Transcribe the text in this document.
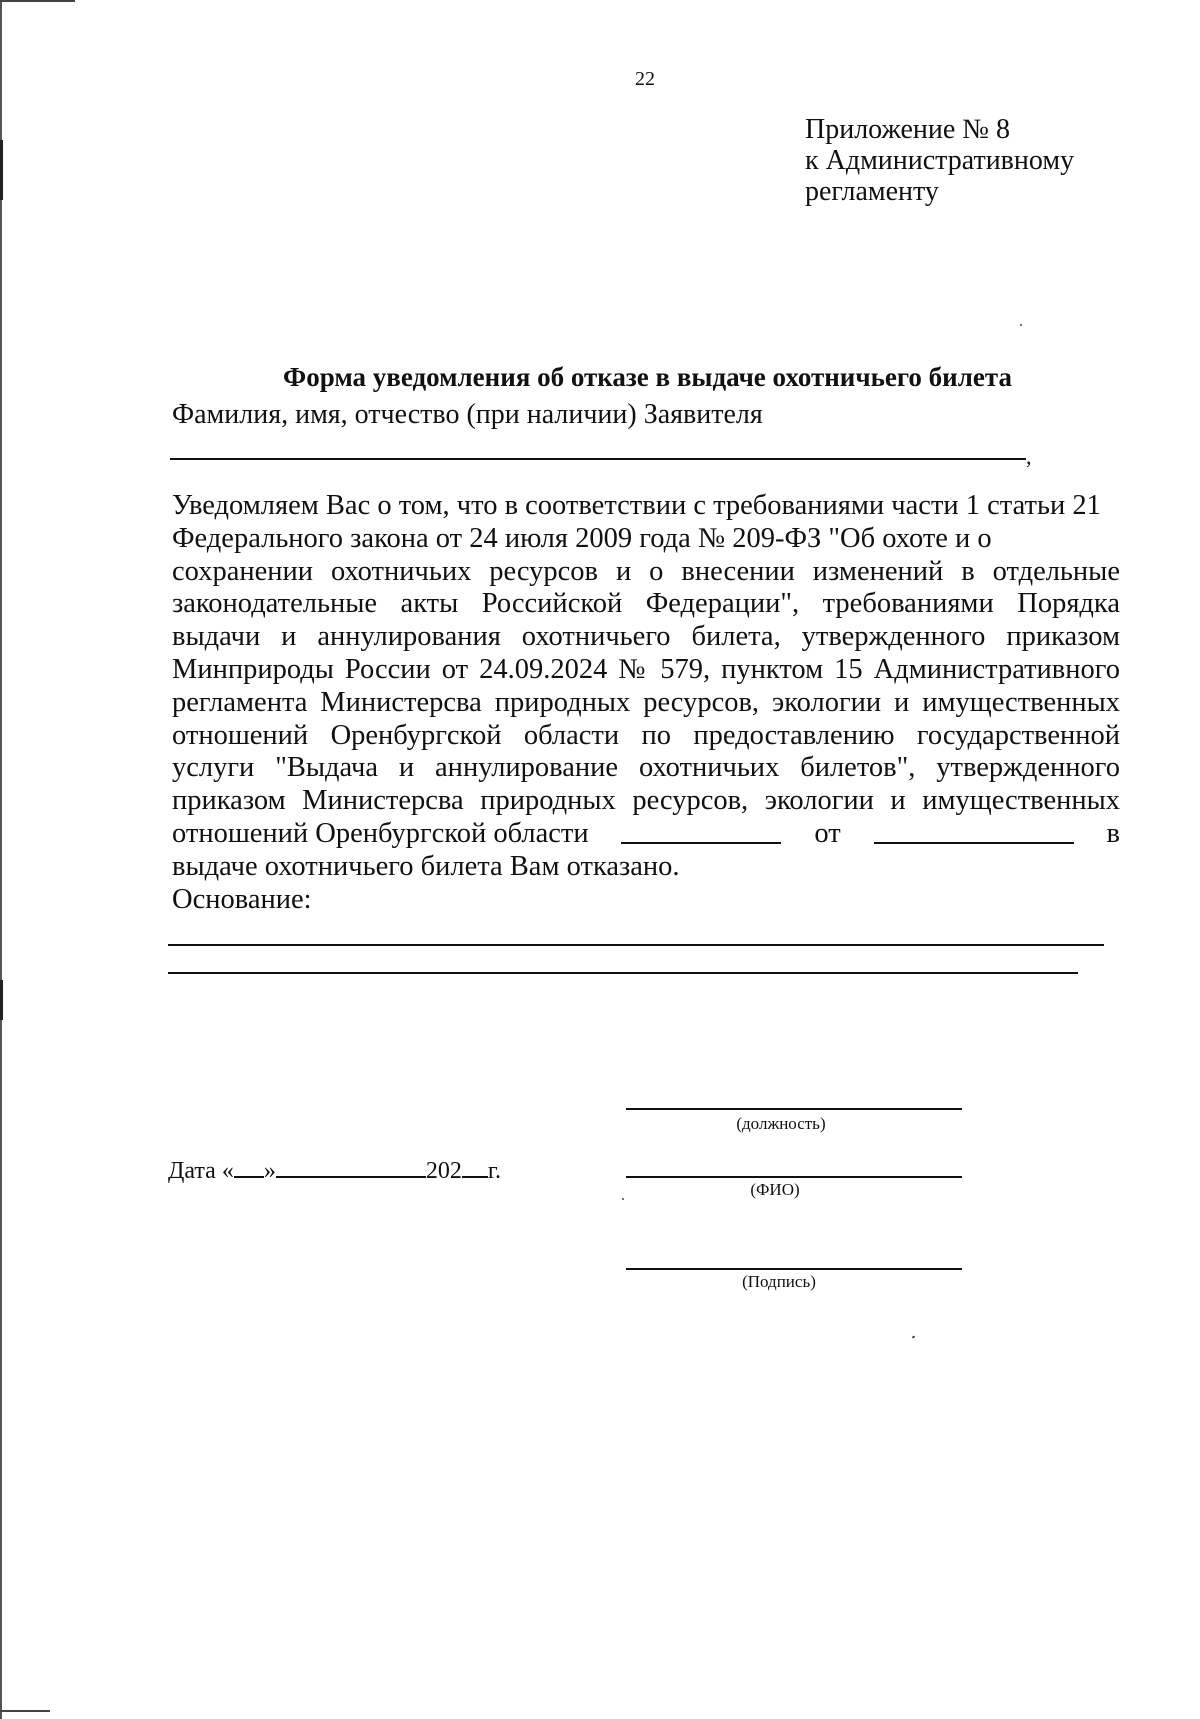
22
Приложение № 8
к Административному
регламенту
Форма уведомления об отказе в выдаче охотничьего билета
Фамилия, имя, отчество (при наличии) Заявителя
,
Уведомляем Вас о том, что в соответствии с требованиями части 1 статьи 21
Федерального закона от 24 июля 2009 года № 209-ФЗ "Об охоте и о
сохранении охотничьих ресурсов и о внесении изменений в отдельные
законодательные акты Российской Федерации", требованиями Порядка
выдачи и аннулирования охотничьего билета, утвержденного приказом
Минприроды России от 24.09.2024 № 579, пунктом 15 Административного
регламента Министерсва природных ресурсов, экологии и имущественных
отношений Оренбургской области по предоставлению государственной
услуги "Выдача и аннулирование охотничьих билетов", утвержденного
приказом Министерсва природных ресурсов, экологии и имущественных
отношений Оренбургской области	от	в
выдаче охотничьего билета Вам отказано.
Основание:
(должность)
(ФИО)
(Подпись)
Дата « »	202 г.
